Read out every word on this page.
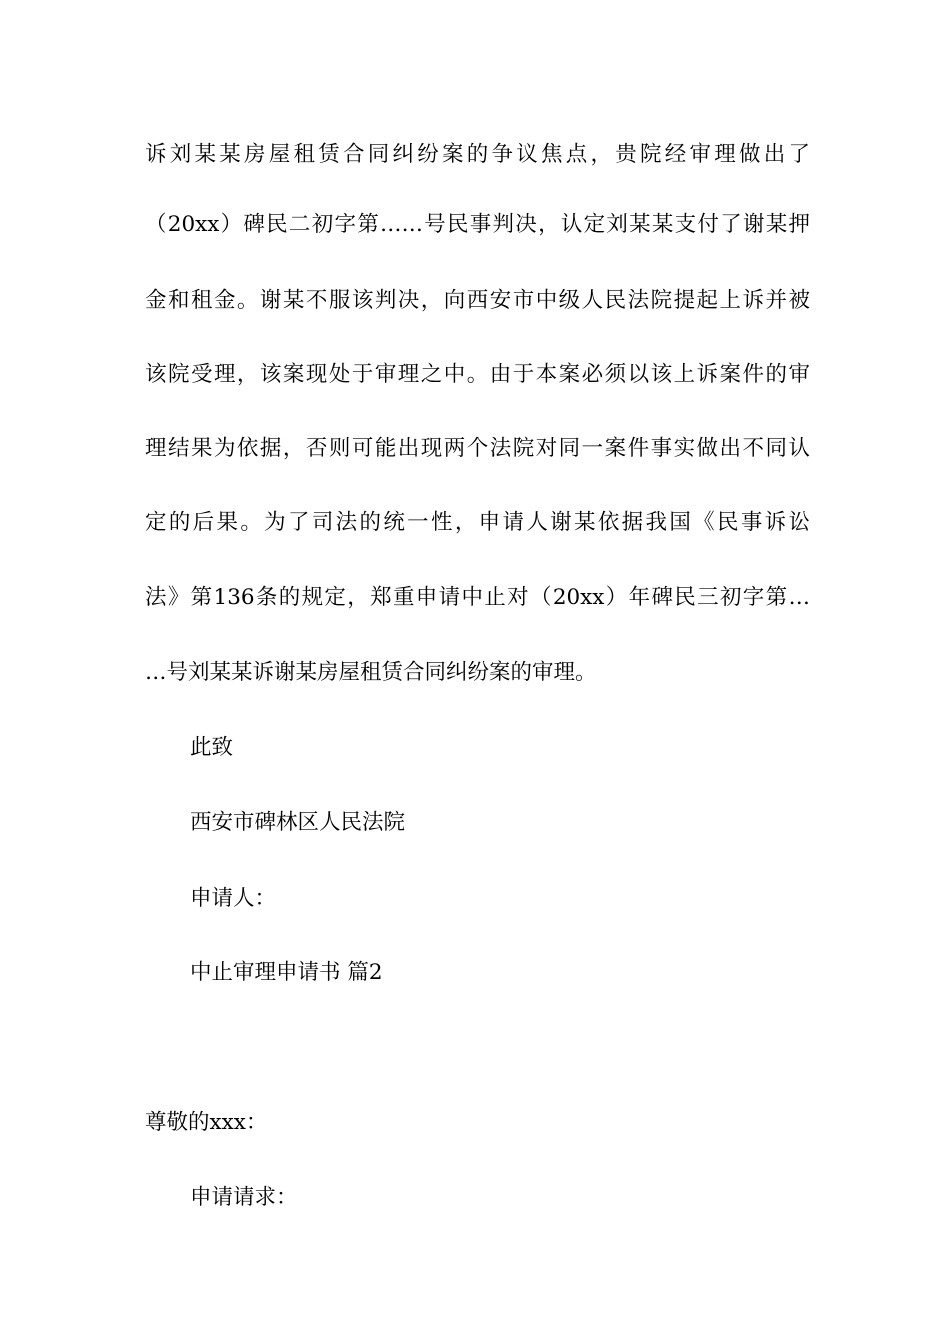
诉刘某某房屋租赁合同纠纷案的争议焦点，贵院经审理做出了
（20xx）碑民二初字第……号民事判决，认定刘某某支付了谢某押
金和租金。谢某不服该判决，向西安市中级人民法院提起上诉并被
该院受理，该案现处于审理之中。由于本案必须以该上诉案件的审
理结果为依据，否则可能出现两个法院对同一案件事实做出不同认
定的后果。为了司法的统一性，申请人谢某依据我国《民事诉讼
法》第136条的规定，郑重申请中止对（20xx）年碑民三初字第…
…号刘某某诉谢某房屋租赁合同纠纷案的审理。
此致
西安市碑林区人民法院
申请人：
中止审理申请书 篇2
尊敬的xxx：
申请请求：
